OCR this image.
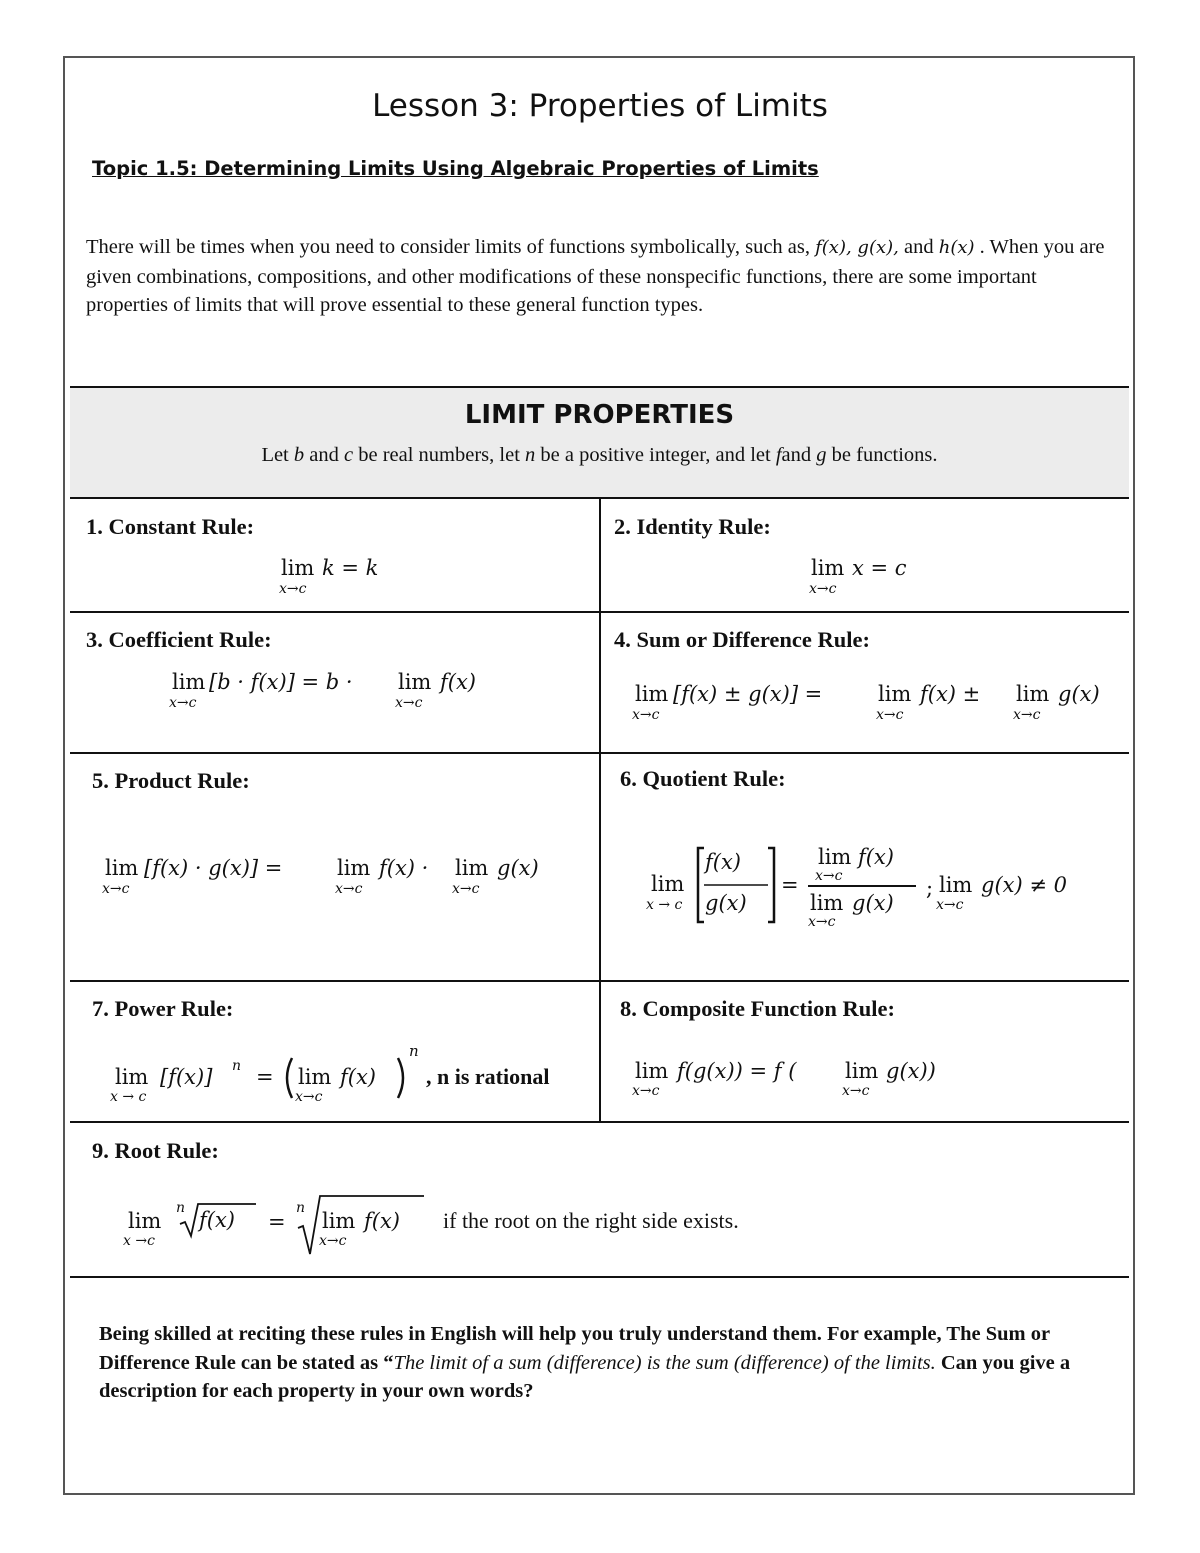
Lesson 3: Properties of Limits
Topic 1.5: Determining Limits Using Algebraic Properties of Limits
There will be times when you need to consider limits of functions symbolically, such as, f(x), g(x), and h(x) . When you are given combinations, compositions, and other modifications of these nonspecific functions, there are some important properties of limits that will prove essential to these general function types.
LIMIT PROPERTIES
Let b and c be real numbers, let n be a positive integer, and let fand g be functions.
1. Constant Rule:
lim
x→c
k = k
2. Identity Rule:
lim
x→c
x = c
3. Coefficient Rule:
lim
x→c
[b · f(x)] = b · lim
x→c
f(x)
4. Sum or Difference Rule:
lim
x→c
[f(x) ± g(x)] =	lim
x→c
f(x) ± lim
x→c
g(x)
5. Product Rule:
lim
x→c
[f(x) · g(x)] =	lim
x→c
f(x) · lim
x→c
g(x)
6. Quotient Rule:
lim
x → c
f(x)
g(x)
=
lim
x→c
f(x)
lim
x→c
g(x)
; lim
x→c
g(x) ≠ 0
7. Power Rule:
lim
x → c
[f(x)] n = lim
x→c
f(x)
n
, n is rational
8. Composite Function Rule:
lim
x→c
f(g(x)) = f ( lim
x→c
g(x))
9. Root Rule:
lim
x →c
n f(x) =
n
lim
x→c
f(x) if the root on the right side exists.
Being skilled at reciting these rules in English will help you truly understand them. For example, The Sum or Difference Rule can be stated as “The limit of a sum (difference) is the sum (difference) of the limits. Can you give a description for each property in your own words?
